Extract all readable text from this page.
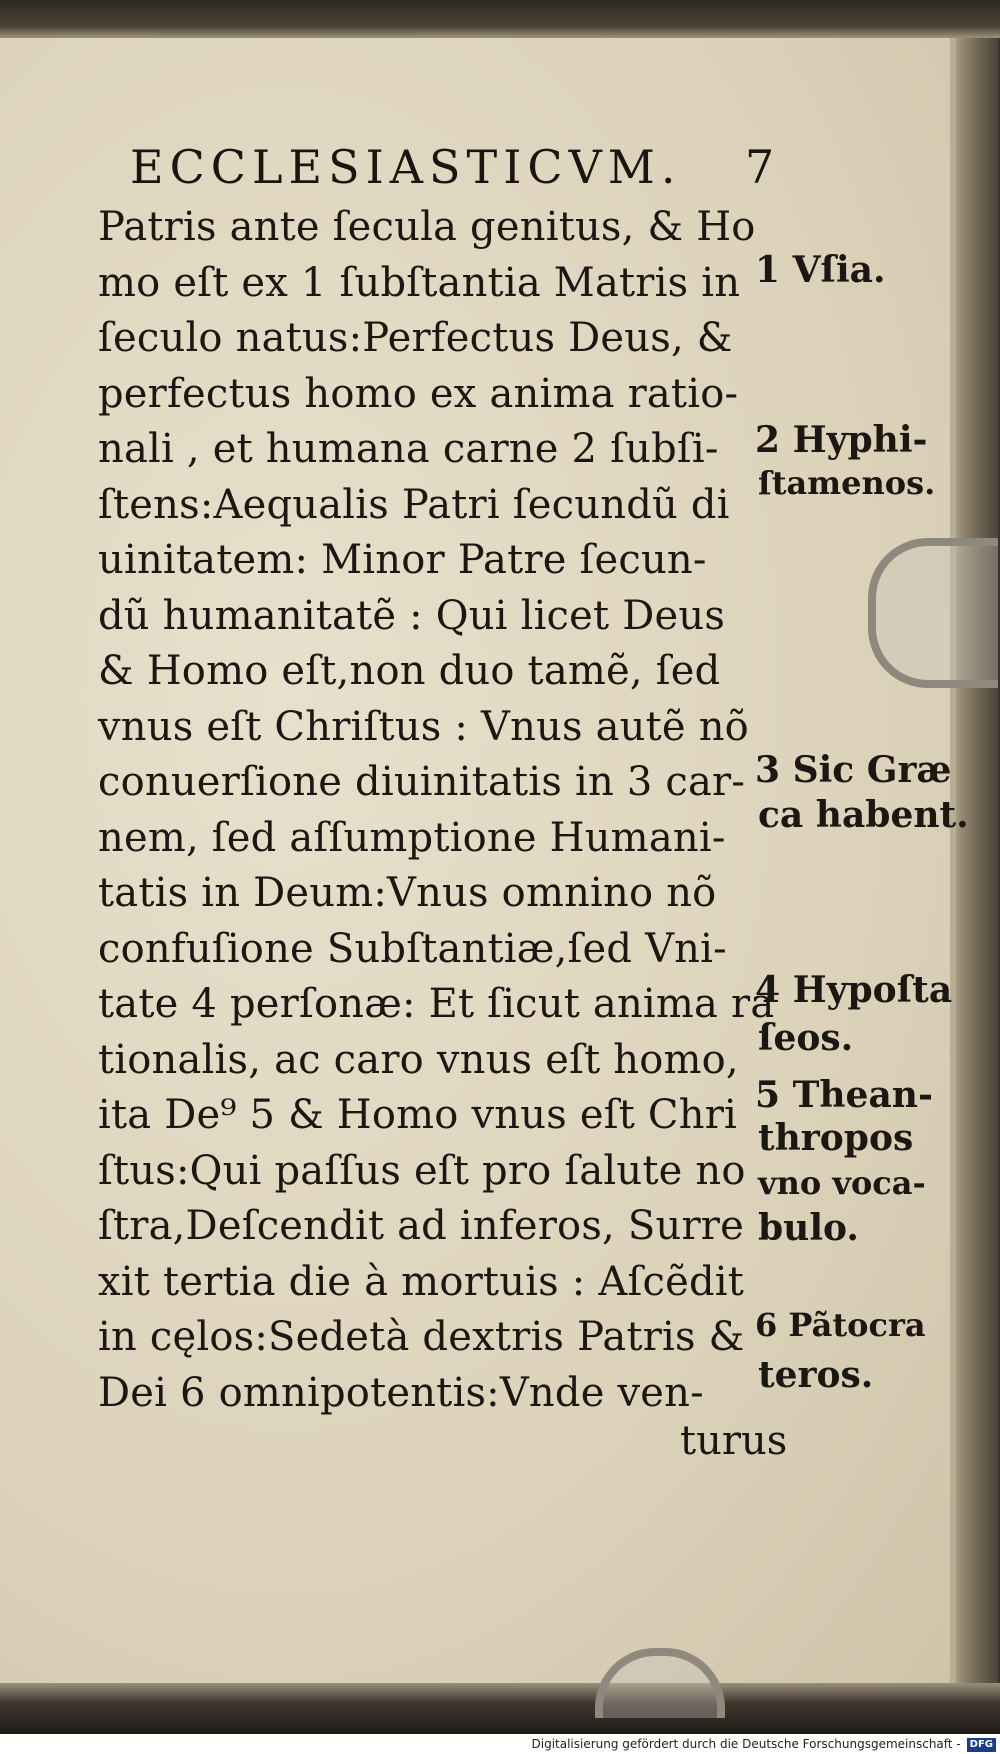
ECCLESIASTICVM. 7
Patris ante ſecula genitus, & Ho
mo eſt ex 1 ſubſtantia Matris in
ſeculo natus:Perfectus Deus, &
perfectus homo ex anima ratio-
nali , et humana carne 2 ſubſi-
ſtens:Aequalis Patri ſecundũ di
uinitatem: Minor Patre ſecun-
dũ humanitatẽ : Qui licet Deus
& Homo eſt,non duo tamẽ, ſed
vnus eſt Chriſtus : Vnus autẽ nõ
conuerſione diuinitatis in 3 car-
nem, ſed aſſumptione Humani-
tatis in Deum:Vnus omnino nõ
confuſione Subſtantiæ,ſed Vni-
tate 4 perſonæ: Et ſicut anima ra
tionalis, ac caro vnus eſt homo,
ita De⁹ 5 & Homo vnus eſt Chri
ſtus:Qui paſſus eſt pro ſalute no
ſtra,Deſcendit ad inferos, Surre
xit tertia die à mortuis : Aſcẽdit
in cęlos:Sedetà dextris Patris &
Dei 6 omnipotentis:Vnde ven-
turus
1 Vſia.
2 Hyphi-
ſtamenos.
3 Sic Græ
ca habent.
4 Hypoſta
ſeos.
5 Thean-
thropos
vno voca-
bulo.
6 Pãtocra
teros.
Digitalisierung gefördert durch die Deutsche Forschungsgemeinschaft - DFG
